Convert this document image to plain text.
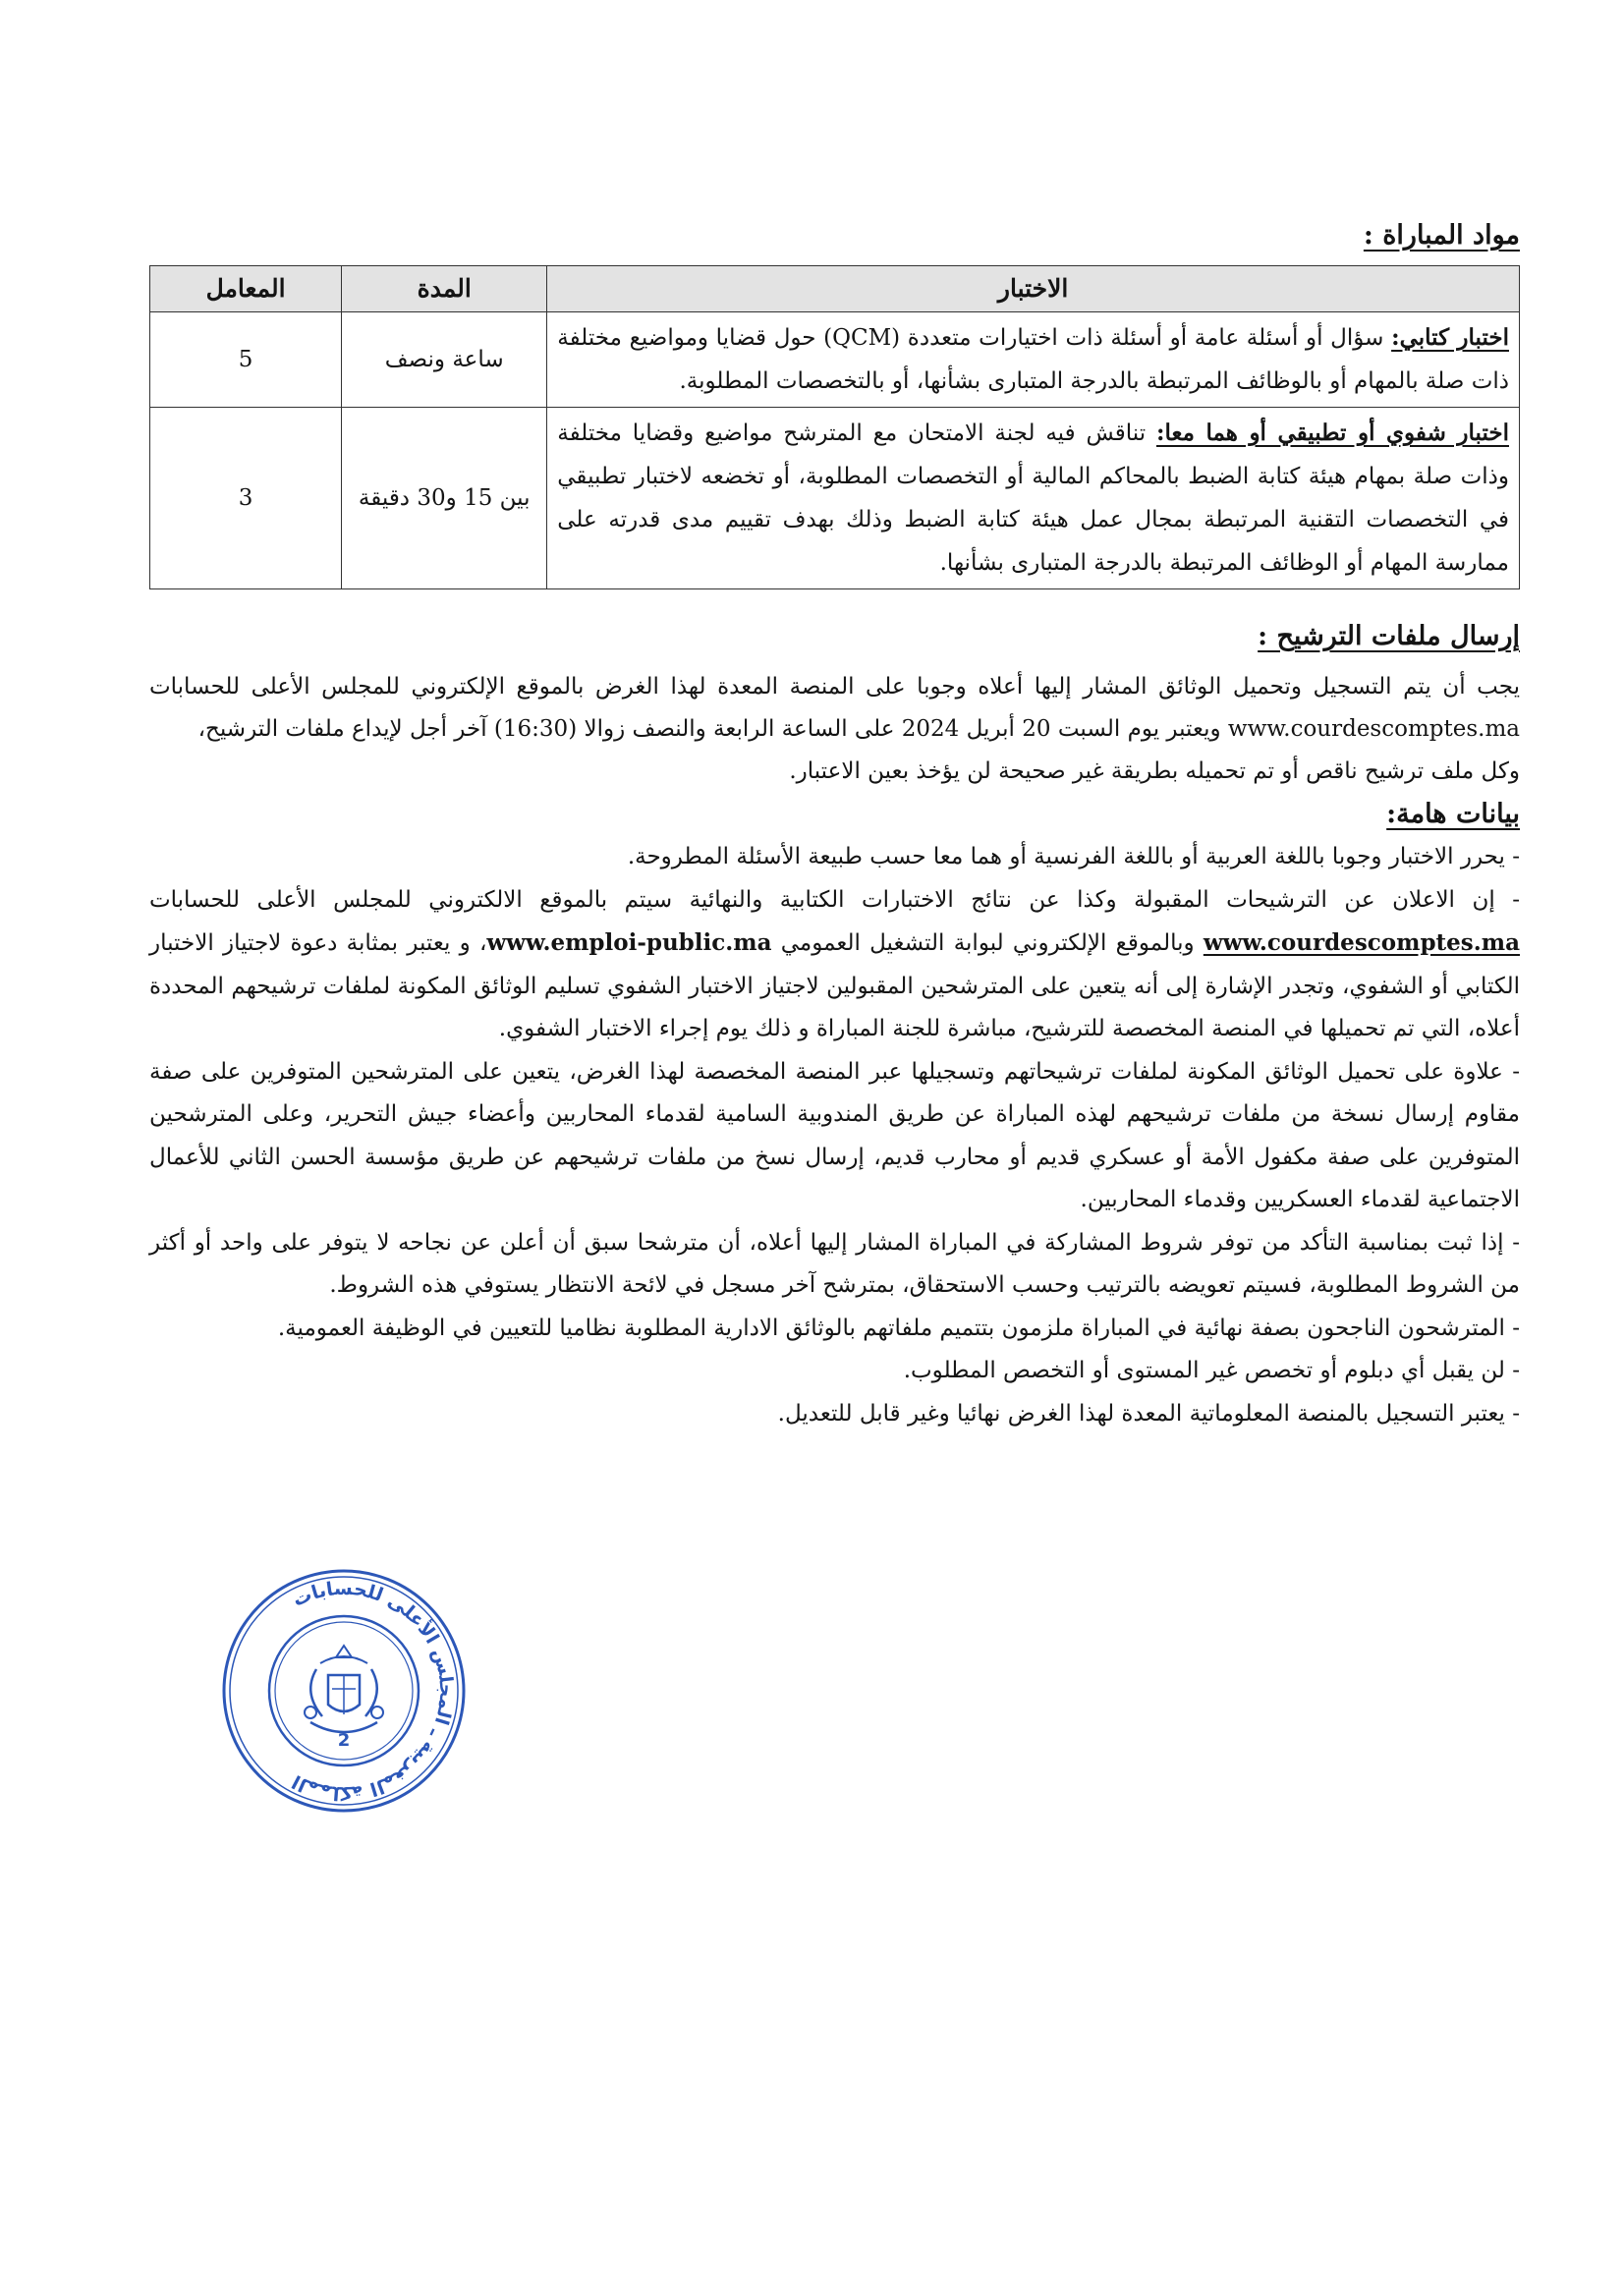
مواد المباراة :
الاختبار	المدة	المعامل
اختبار كتابي: سؤال أو أسئلة عامة أو أسئلة ذات اختيارات متعددة (QCM) حول قضايا ومواضيع مختلفة ذات صلة بالمهام أو بالوظائف المرتبطة بالدرجة المتبارى بشأنها، أو بالتخصصات المطلوبة.	ساعة ونصف	5
اختبار شفوي أو تطبيقي أو هما معا: تناقش فيه لجنة الامتحان مع المترشح مواضيع وقضايا مختلفة وذات صلة بمهام هيئة كتابة الضبط بالمحاكم المالية أو التخصصات المطلوبة، أو تخضعه لاختبار تطبيقي في التخصصات التقنية المرتبطة بمجال عمل هيئة كتابة الضبط وذلك بهدف تقييم مدى قدرته على ممارسة المهام أو الوظائف المرتبطة بالدرجة المتبارى بشأنها.	بين 15 و30 دقيقة	3
إرسال ملفات الترشيح :

يجب أن يتم التسجيل وتحميل الوثائق المشار إليها أعلاه وجوبا على المنصة المعدة لهذا الغرض بالموقع الإلكتروني للمجلس الأعلى للحسابات www.courdescomptes.ma ويعتبر يوم السبت 20 أبريل 2024 على الساعة الرابعة والنصف زوالا (16:30) آخر أجل لإيداع ملفات الترشيح،

وكل ملف ترشيح ناقص أو تم تحميله بطريقة غير صحيحة لن يؤخذ بعين الاعتبار.

بيانات هامة:

- يحرر الاختبار وجوبا باللغة العربية أو باللغة الفرنسية أو هما معا حسب طبيعة الأسئلة المطروحة.

- إن الاعلان عن الترشيحات المقبولة وكذا عن نتائج الاختبارات الكتابية والنهائية سيتم بالموقع الالكتروني للمجلس الأعلى للحسابات www.courdescomptes.ma وبالموقع الإلكتروني لبوابة التشغيل العمومي www.emploi-public.ma، و يعتبر بمثابة دعوة لاجتياز الاختبار الكتابي أو الشفوي، وتجدر الإشارة إلى أنه يتعين على المترشحين المقبولين لاجتياز الاختبار الشفوي تسليم الوثائق المكونة لملفات ترشيحهم المحددة أعلاه، التي تم تحميلها في المنصة المخصصة للترشيح، مباشرة للجنة المباراة و ذلك يوم إجراء الاختبار الشفوي.

- علاوة على تحميل الوثائق المكونة لملفات ترشيحاتهم وتسجيلها عبر المنصة المخصصة لهذا الغرض، يتعين على المترشحين المتوفرين على صفة مقاوم إرسال نسخة من ملفات ترشيحهم لهذه المباراة عن طريق المندوبية السامية لقدماء المحاربين وأعضاء جيش التحرير، وعلى المترشحين المتوفرين على صفة مكفول الأمة أو عسكري قديم أو محارب قديم، إرسال نسخ من ملفات ترشيحهم عن طريق مؤسسة الحسن الثاني للأعمال الاجتماعية لقدماء العسكريين وقدماء المحاربين.

- إذا ثبت بمناسبة التأكد من توفر شروط المشاركة في المباراة المشار إليها أعلاه، أن مترشحا سبق أن أعلن عن نجاحه لا يتوفر على واحد أو أكثر من الشروط المطلوبة، فسيتم تعويضه بالترتيب وحسب الاستحقاق، بمترشح آخر مسجل في لائحة الانتظار يستوفي هذه الشروط.

- المترشحون الناجحون بصفة نهائية في المباراة ملزمون بتتميم ملفاتهم بالوثائق الادارية المطلوبة نظاميا للتعيين في الوظيفة العمومية.

- لن يقبل أي دبلوم أو تخصص غير المستوى أو التخصص المطلوب.

- يعتبر التسجيل بالمنصة المعلوماتية المعدة لهذا الغرض نهائيا وغير قابل للتعديل.

المملكة المغربية ـ المجلس الأعلى للحسابات
2
